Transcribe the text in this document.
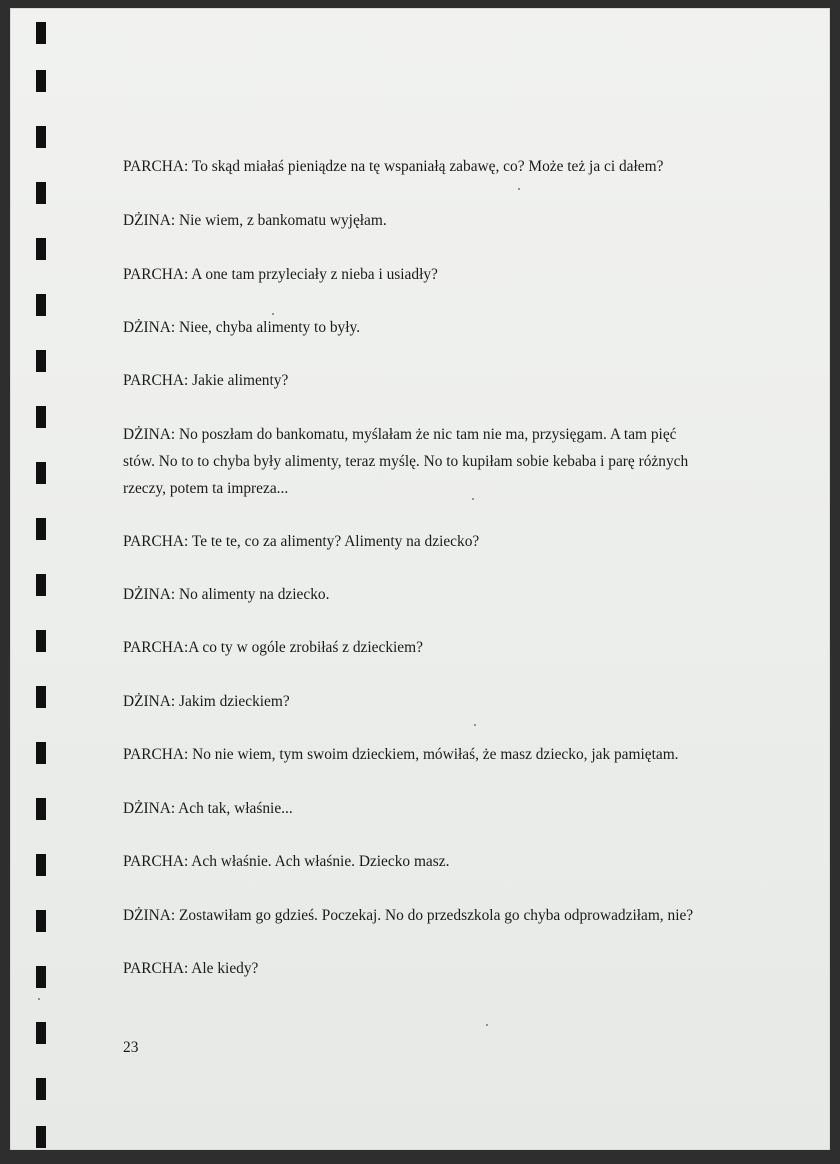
PARCHA: To skąd miałaś pieniądze na tę wspaniałą zabawę, co? Może też ja ci dałem?
DŻINA: Nie wiem, z bankomatu wyjęłam.
PARCHA: A one tam przyleciały z nieba i usiadły?
DŻINA: Niee, chyba alimenty to były.
PARCHA: Jakie alimenty?
DŻINA: No poszłam do bankomatu, myślałam że nic tam nie ma, przysięgam. A tam pięć
stów. No to to chyba były alimenty, teraz myślę. No to kupiłam sobie kebaba i parę różnych
rzeczy, potem ta impreza...
PARCHA: Te te te, co za alimenty? Alimenty na dziecko?
DŻINA: No alimenty na dziecko.
PARCHA:A co ty w ogóle zrobiłaś z dzieckiem?
DŻINA: Jakim dzieckiem?
PARCHA: No nie wiem, tym swoim dzieckiem, mówiłaś, że masz dziecko, jak pamiętam.
DŻINA: Ach tak, właśnie...
PARCHA: Ach właśnie. Ach właśnie. Dziecko masz.
DŻINA: Zostawiłam go gdzieś. Poczekaj. No do przedszkola go chyba odprowadziłam, nie?
PARCHA: Ale kiedy?
23
